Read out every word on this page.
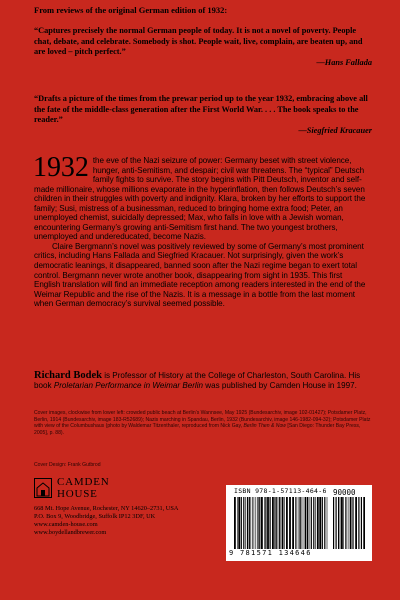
From reviews of the original German edition of 1932:
“Captures precisely the normal German people of today. It is not a novel of poverty. People chat, debate, and celebrate. Somebody is shot. People wait, live, complain, are beaten up, and are loved – pitch perfect.”
—Hans Fallada
“Drafts a picture of the times from the prewar period up to the year 1932, embracing above all the fate of the middle-class generation after the First World War. . . . The book speaks to the reader.”
—Siegfried Kracauer

1932 the eve of the Nazi seizure of power: Germany beset with street violence, hunger, anti-Semitism, and despair; civil war threatens. The “typical” Deutsch family fights to survive. The story begins with Pitt Deutsch, inventor and self-made millionaire, whose millions evaporate in the hyperinflation, then follows Deutsch’s seven children in their struggles with poverty and indignity. Klara, broken by her efforts to support the family; Susi, mistress of a businessman, reduced to bringing home extra food; Peter, an unemployed chemist, suicidally depressed; Max, who falls in love with a Jewish woman, encountering Germany’s growing anti-Semitism first hand. The two youngest brothers, unemployed and undereducated, become Nazis.

Claire Bergmann’s novel was positively reviewed by some of Germany’s most prominent critics, including Hans Fallada and Siegfried Kracauer. Not surprisingly, given the work’s democratic leanings, it disappeared, banned soon after the Nazi regime began to exert total control. Bergmann never wrote another book, disappearing from sight in 1935. This first English translation will find an immediate reception among readers interested in the end of the Weimar Republic and the rise of the Nazis. It is a message in a bottle from the last moment when German democracy’s survival seemed possible.

Richard Bodek is Professor of History at the College of Charleston, South Carolina. His book Proletarian Performance in Weimar Berlin was published by Camden House in 1997.
Cover images, clockwise from lower left: crowded public beach at Berlin’s Wannsee, May 1925 (Bundesarchiv, image 102-01427); Potsdamer Platz, Berlin, 1914 (Bundesarchiv, image 183-R52689); Nazis marching in Spandau, Berlin, 1932 (Bundesarchiv, image 146-1982-094-32); Potsdamer Platz with view of the Columbushaus (photo by Waldemar Titzenthaler, reproduced from Nick Gay, Berlin Then & Now [San Diego: Thunder Bay Press, 2005], p. 88).
Cover Design: Frank Gutbrod
CAMDEN HOUSE
668 Mt. Hope Avenue, Rochester, NY 14620–2731, USA
P.O. Box 9, Woodbridge, Suffolk IP12 3DF, UK
www.camden-house.com
www.boydellandbrewer.com
ISBN 978-1-57113-464-6 90000
9 781571 134646
